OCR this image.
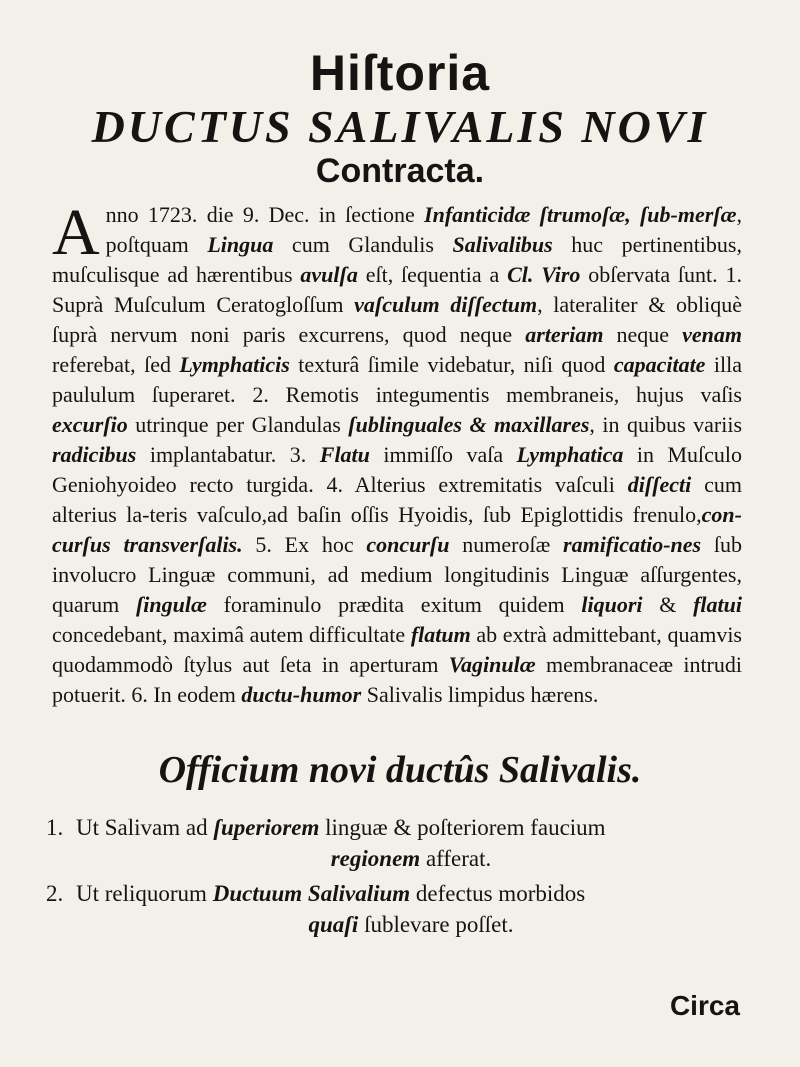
Hiſtoria
DUCTUS SALIVALIS NOVI
Contracta.

Anno 1723. die 9. Dec. in ſectione Infanticidæ ſtrumoſæ, ſub-merſæ, poſtquam Lingua cum Glandulis Salivalibus huc pertinentibus, muſculisque ad hærentibus avulſa eſt, ſequentia a Cl. Viro obſervata ſunt. 1. Suprà Muſculum Ceratogloſſum vaſculum diſſectum, lateraliter & obliquè ſuprà nervum noni paris excurrens, quod neque arteriam neque venam referebat, ſed Lymphaticis texturâ ſimile videbatur, niſi quod capacitate illa paululum ſuperaret. 2. Remotis integumentis membraneis, hujus vaſis excurſio utrinque per Glandulas ſublinguales & maxillares, in quibus variis radicibus implantabatur. 3. Flatu immiſſo vaſa Lymphatica in Muſculo Geniohyoideo recto turgida. 4. Alterius extremitatis vaſculi diſſecti cum alterius la-teris vaſculo,ad baſin oſſis Hyoidis, ſub Epiglottidis frenulo,con-curſus transverſalis. 5. Ex hoc concurſu numeroſæ ramificatio-nes ſub involucro Linguæ communi, ad medium longitudinis Linguæ aſſurgentes, quarum ſingulæ foraminulo prædita exitum quidem liquori & flatui concedebant, maximâ autem difficultate flatum ab extrà admittebant, quamvis quodammodò ſtylus aut ſeta in aperturam Vaginulæ membranaceæ intrudi potuerit. 6. In eodem ductu-humor Salivalis limpidus hærens.

Officium novi ductûs Salivalis.
1. Ut Salivam ad ſuperiorem linguæ & poſteriorem faucium
regionem afferat.
2. Ut reliquorum Ductuum Salivalium defectus morbidos
quaſi ſublevare poſſet.
Circa
